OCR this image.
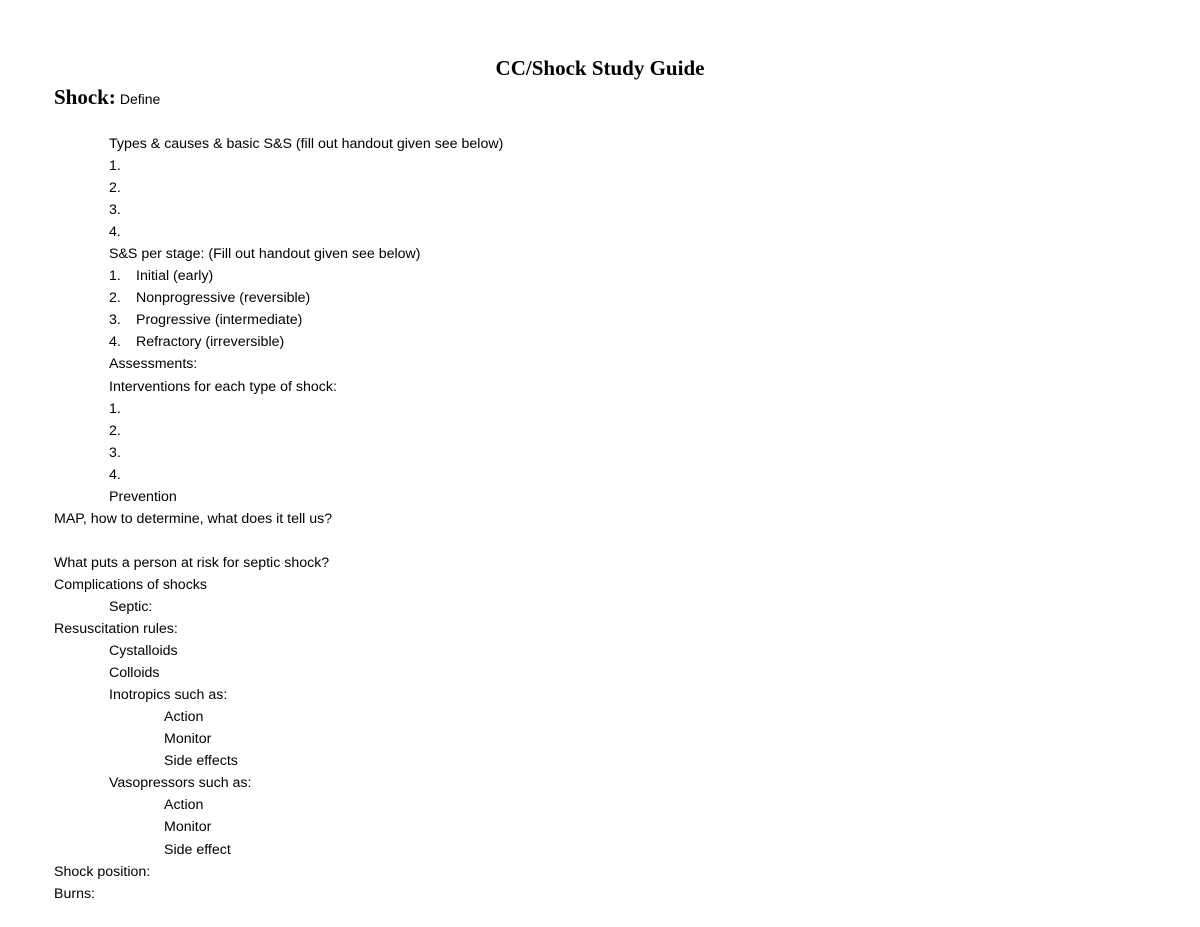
CC/Shock Study Guide
Shock: Define
Types & causes & basic S&S (fill out handout given see below)
1.
2.
3.
4.
S&S per stage: (Fill out handout given see below)
1. Initial (early)
2. Nonprogressive (reversible)
3. Progressive (intermediate)
4. Refractory (irreversible)
Assessments:
Interventions for each type of shock:
1.
2.
3.
4.
Prevention
MAP, how to determine, what does it tell us?
What puts a person at risk for septic shock?
Complications of shocks
Septic:
Resuscitation rules:
Cystalloids
Colloids
Inotropics such as:
Action
Monitor
Side effects
Vasopressors such as:
Action
Monitor
Side effect
Shock position:
Burns:
